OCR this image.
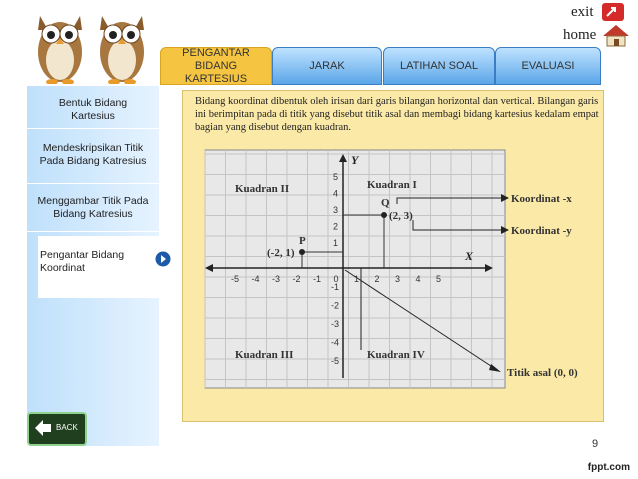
exit
home
PENGANTAR BIDANG
KARTESIUS
JARAK	LATIHAN SOAL	EVALUASI
Bentuk Bidang
Kartesius
Mendeskripsikan Titik
Pada Bidang Katresius
Menggambar Titik Pada
Bidang Katresius
Pengantar Bidang
Koordinat
BACK
Bidang koordinat dibentuk oleh irisan dari garis bilangan horizontal dan vertical. Bilangan garis ini berimpitan pada di titik yang disebut titik asal dan membagi bidang kartesius kedalam empat bagian yang disebut dengan kuadran.
Kuadran II	Kuadran I
Kuadran III	Kuadran IV
Q
(2, 3)
P
(-2, 1)
Koordinat -x
Koordinat -y
Titik asal (0, 0)
X
Y
-5 -4 -3 -2 -1 0 1 2 3 4 5
1
2
3
4
5
-1
-2
-3
-4
-5
9
fppt.com
